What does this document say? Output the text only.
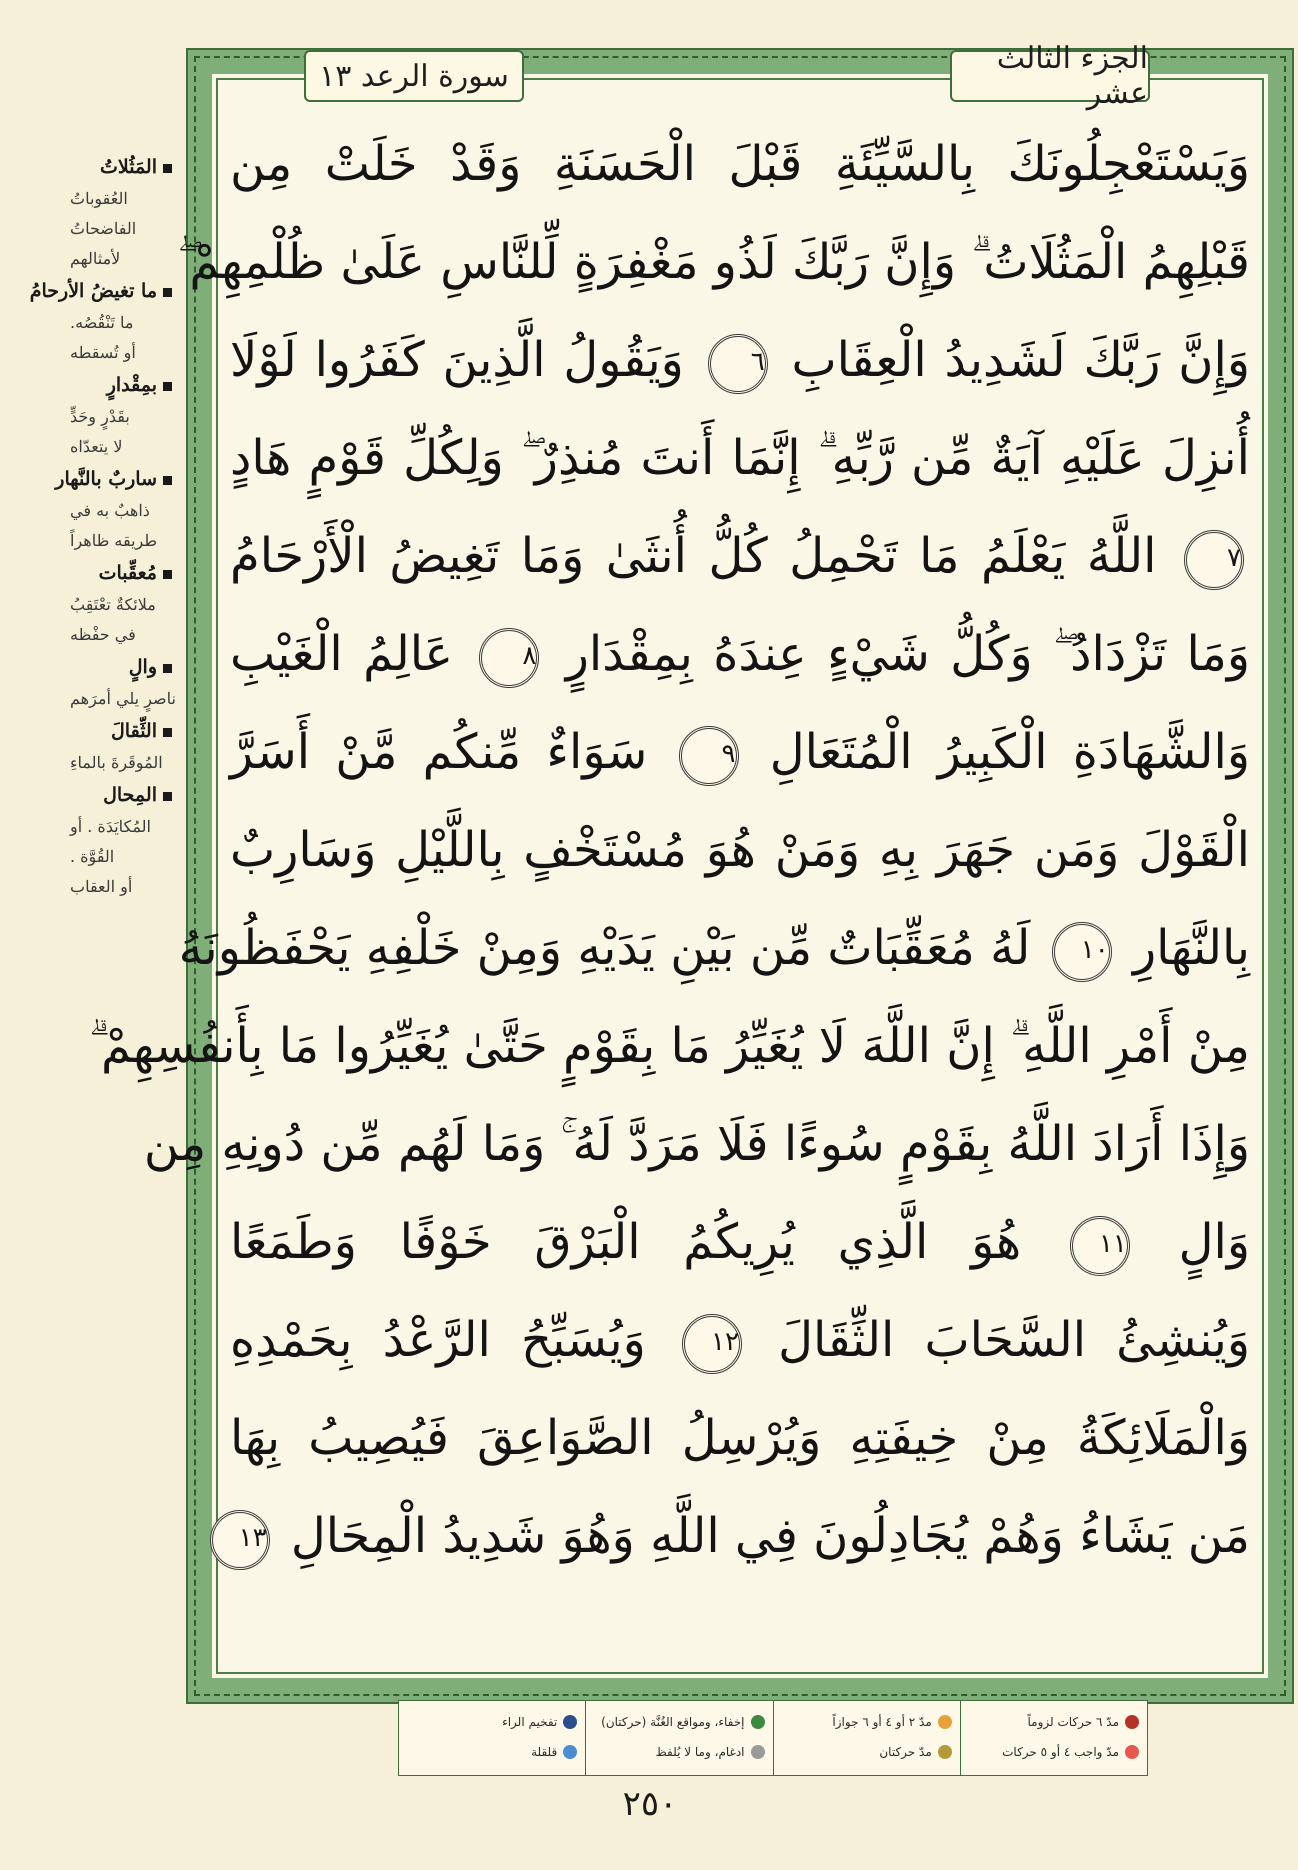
الجزء الثالث عشر
سورة الرعد ١٣
وَيَسْتَعْجِلُونَكَ بِالسَّيِّئَةِ قَبْلَ الْحَسَنَةِ وَقَدْ خَلَتْ مِن
قَبْلِهِمُ الْمَثُلَاتُ ۗ وَإِنَّ رَبَّكَ لَذُو مَغْفِرَةٍ لِّلنَّاسِ عَلَىٰ ظُلْمِهِمْ ۖ
وَإِنَّ رَبَّكَ لَشَدِيدُ الْعِقَابِ ٦ وَيَقُولُ الَّذِينَ كَفَرُوا لَوْلَا
أُنزِلَ عَلَيْهِ آيَةٌ مِّن رَّبِّهِ ۗ إِنَّمَا أَنتَ مُنذِرٌ ۖ وَلِكُلِّ قَوْمٍ هَادٍ
٧ اللَّهُ يَعْلَمُ مَا تَحْمِلُ كُلُّ أُنثَىٰ وَمَا تَغِيضُ الْأَرْحَامُ
وَمَا تَزْدَادُ ۖ وَكُلُّ شَيْءٍ عِندَهُ بِمِقْدَارٍ ٨ عَالِمُ الْغَيْبِ
وَالشَّهَادَةِ الْكَبِيرُ الْمُتَعَالِ ٩ سَوَاءٌ مِّنكُم مَّنْ أَسَرَّ
الْقَوْلَ وَمَن جَهَرَ بِهِ وَمَنْ هُوَ مُسْتَخْفٍ بِاللَّيْلِ وَسَارِبٌ
بِالنَّهَارِ ١٠ لَهُ مُعَقِّبَاتٌ مِّن بَيْنِ يَدَيْهِ وَمِنْ خَلْفِهِ يَحْفَظُونَهُ
مِنْ أَمْرِ اللَّهِ ۗ إِنَّ اللَّهَ لَا يُغَيِّرُ مَا بِقَوْمٍ حَتَّىٰ يُغَيِّرُوا مَا بِأَنفُسِهِمْ ۗ
وَإِذَا أَرَادَ اللَّهُ بِقَوْمٍ سُوءًا فَلَا مَرَدَّ لَهُ ۚ وَمَا لَهُم مِّن دُونِهِ مِن
وَالٍ ١١ هُوَ الَّذِي يُرِيكُمُ الْبَرْقَ خَوْفًا وَطَمَعًا
وَيُنشِئُ السَّحَابَ الثِّقَالَ ١٢ وَيُسَبِّحُ الرَّعْدُ بِحَمْدِهِ
وَالْمَلَائِكَةُ مِنْ خِيفَتِهِ وَيُرْسِلُ الصَّوَاعِقَ فَيُصِيبُ بِهَا
مَن يَشَاءُ وَهُمْ يُجَادِلُونَ فِي اللَّهِ وَهُوَ شَدِيدُ الْمِحَالِ ١٣
المَثُلاتُ
العُقوباتُ
الفاضحاتُ
لأمثالهم
ما تغيضُ الأرحامُ
ما تَنْقُصُه.
أو تُسقطه
بمِقْدارٍ
بقَدْرٍ وحَدٍّ
لا يتعدّاه
ساربٌ بالنَّهار
ذاهبٌ به في
طريقه ظاهراً
مُعقِّبات
ملائكةٌ تعْتَقِبُ
في حفْظه
والٍ
ناصرٍ يلي أمرَهم
الثِّقالَ
المُوقَرةَ بالماءِ
المِحال
المُكايَدَة . أو
القُوَّة .
أو العقاب
مدّ ٦ حركات لزوماً
مدّ واجب ٤ أو ٥ حركات
مدّ ٢ أو ٤ أو ٦ جوازاً
مدّ حركتان
إخفاء، ومواقع الغُنَّة (حركتان)
ادغام، وما لا يُلفظ
تفخيم الراء
قلقلة
٢٥٠
